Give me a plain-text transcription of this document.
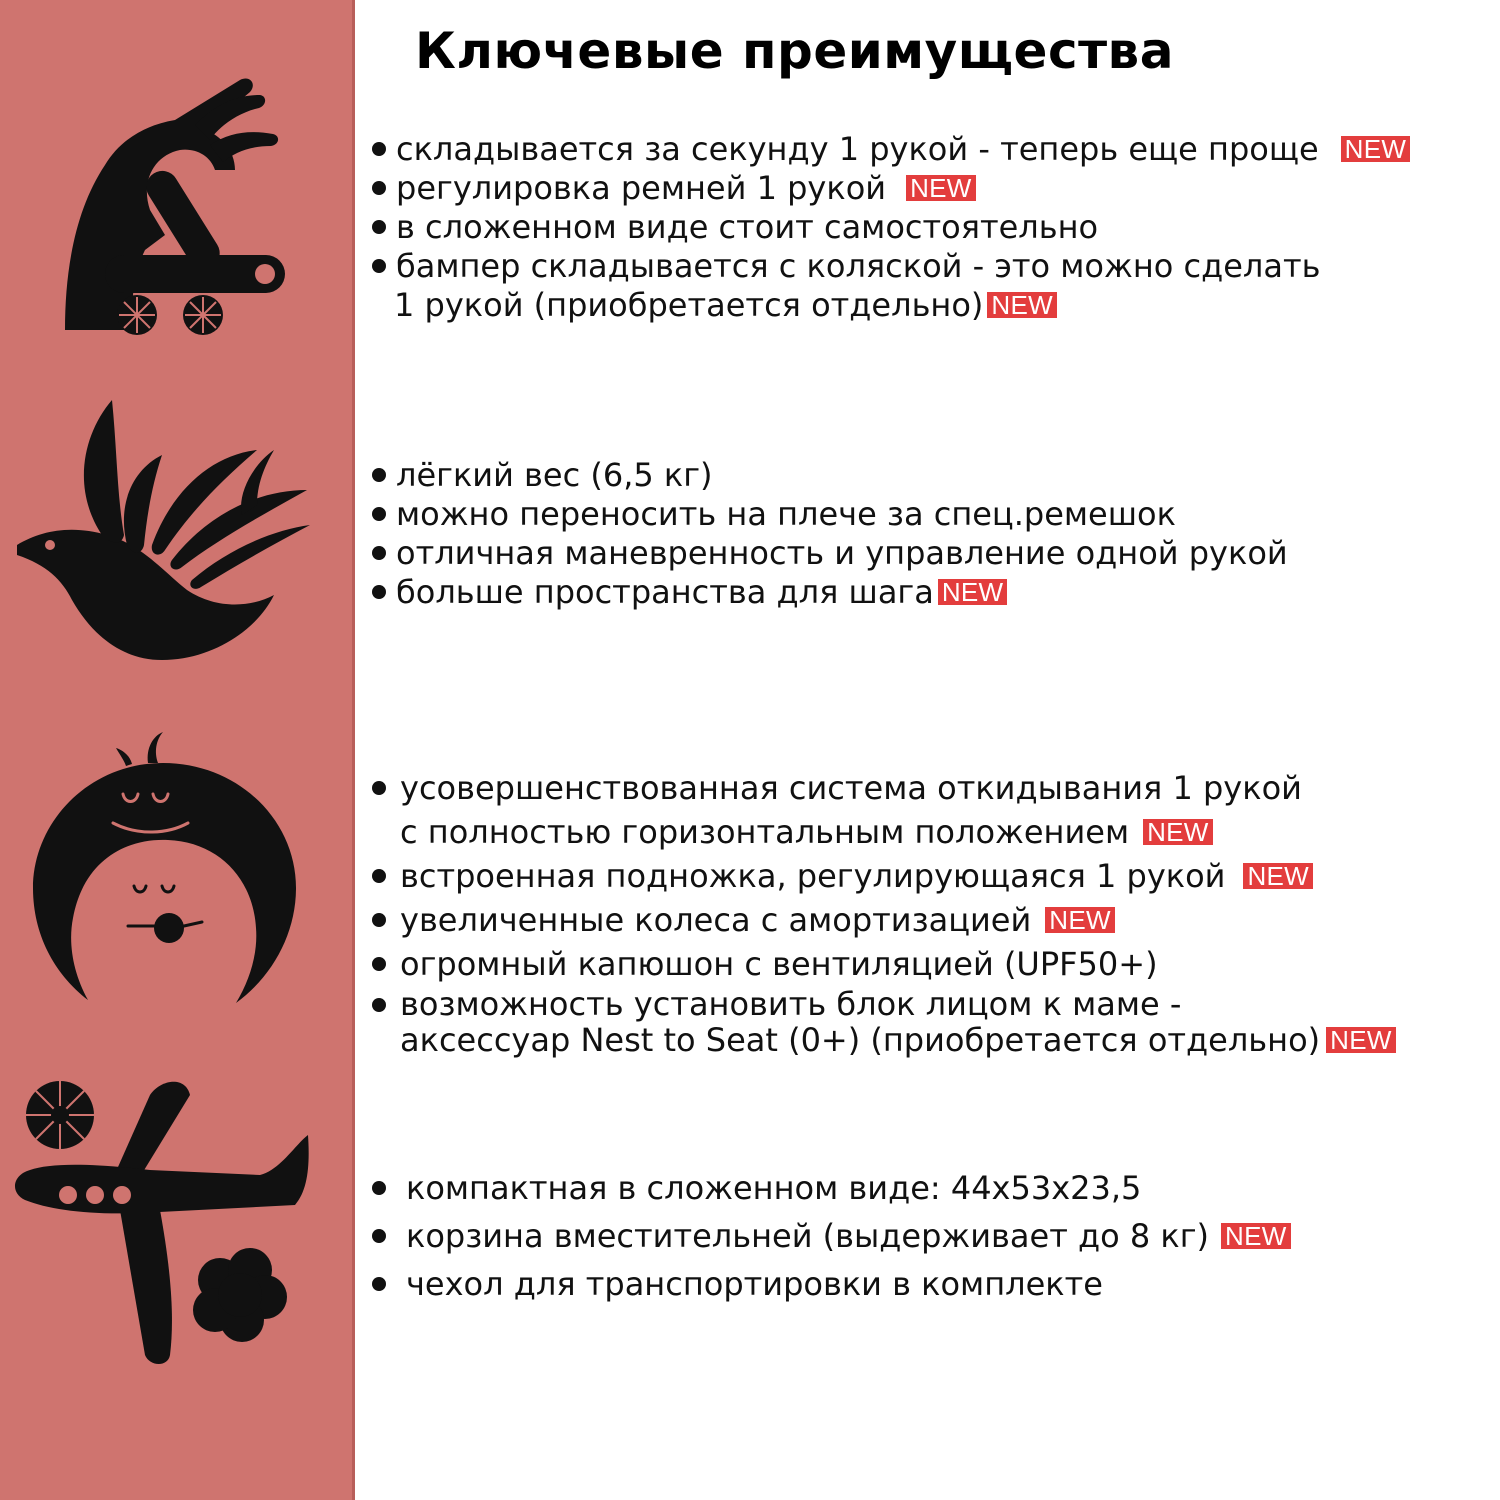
Ключевые преимущества
складывается за секунду 1 рукой - теперь еще проще NEW
регулировка ремней 1 рукой NEW
в сложенном виде стоит самостоятельно
бампер складывается с коляской - это можно сделать
1 рукой (приобретается отдельно) NEW
лёгкий вес (6,5 кг)
можно переносить на плече за спец.ремешок
отличная маневренность и управление одной рукой
больше пространства для шага NEW
усовершенствованная система откидывания 1 рукой
с полностью горизонтальным положением NEW
встроенная подножка, регулирующаяся 1 рукой NEW
увеличенные колеса с амортизацией NEW
огромный капюшон с вентиляцией (UPF50+)
возможность установить блок лицом к маме -
аксессуар Nest to Seat (0+) (приобретается отдельно) NEW
компактная в сложенном виде: 44x53x23,5
корзина вместительней (выдерживает до 8 кг) NEW
чехол для транспортировки в комплекте
